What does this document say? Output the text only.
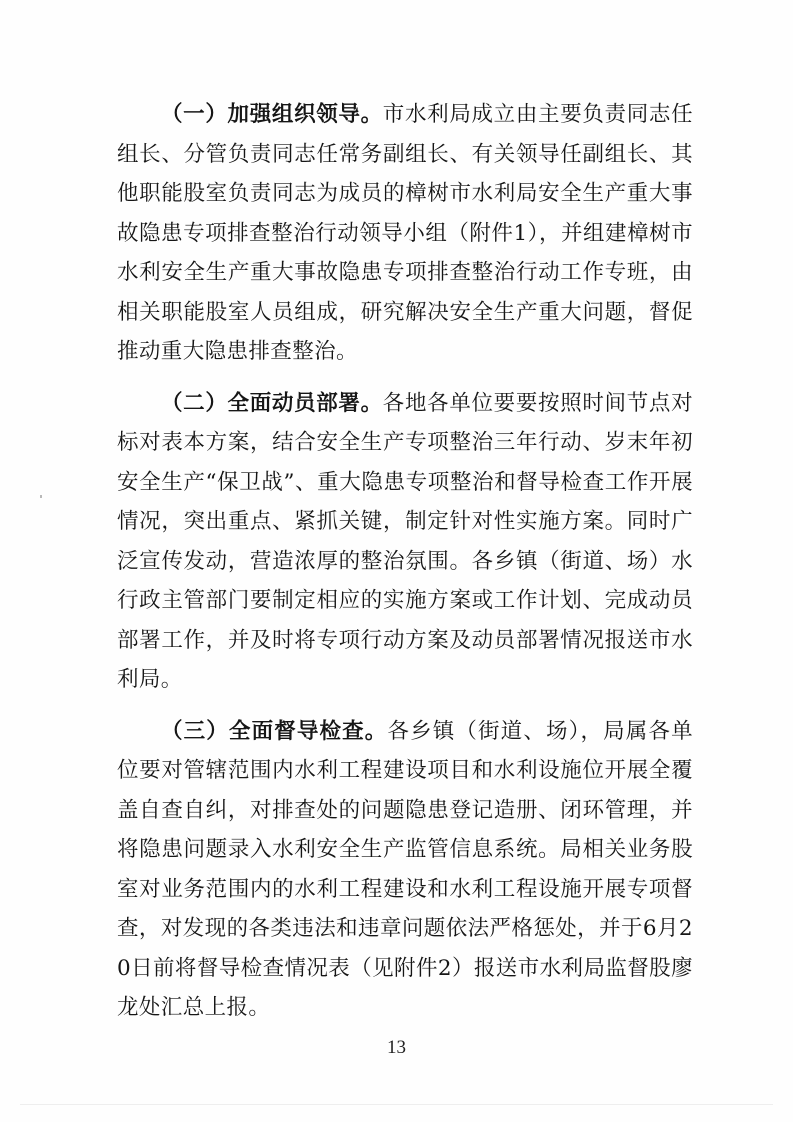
（一）加强组织领导。市水利局成立由主要负责同志任组长、分管负责同志任常务副组长、有关领导任副组长、其他职能股室负责同志为成员的樟树市水利局安全生产重大事故隐患专项排查整治行动领导小组（附件1），并组建樟树市水利安全生产重大事故隐患专项排查整治行动工作专班，由相关职能股室人员组成，研究解决安全生产重大问题，督促推动重大隐患排查整治。

（二）全面动员部署。各地各单位要要按照时间节点对标对表本方案，结合安全生产专项整治三年行动、岁末年初安全生产“保卫战”、重大隐患专项整治和督导检查工作开展情况，突出重点、紧抓关键，制定针对性实施方案。同时广泛宣传发动，营造浓厚的整治氛围。各乡镇（街道、场）水行政主管部门要制定相应的实施方案或工作计划、完成动员部署工作，并及时将专项行动方案及动员部署情况报送市水利局。

（三）全面督导检查。各乡镇（街道、场），局属各单位要对管辖范围内水利工程建设项目和水利设施位开展全覆盖自查自纠，对排查处的问题隐患登记造册、闭环管理，并将隐患问题录入水利安全生产监管信息系统。局相关业务股室对业务范围内的水利工程建设和水利工程设施开展专项督查，对发现的各类违法和违章问题依法严格惩处，并于6月20日前将督导检查情况表（见附件2）报送市水利局监督股廖龙处汇总上报。

13
